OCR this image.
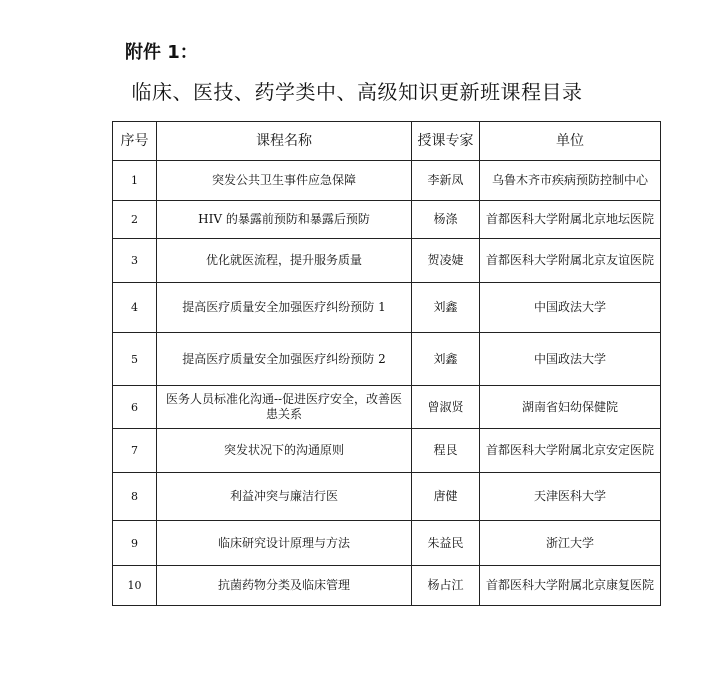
附件 1：
临床、医技、药学类中、高级知识更新班课程目录
序号	课程名称	授课专家	单位
1	突发公共卫生事件应急保障	李新凤	乌鲁木齐市疾病预防控制中心
2	HIV 的暴露前预防和暴露后预防	杨涤	首都医科大学附属北京地坛医院
3	优化就医流程，提升服务质量	贺凌婕	首都医科大学附属北京友谊医院
4	提高医疗质量安全加强医疗纠纷预防 1	刘鑫	中国政法大学
5	提高医疗质量安全加强医疗纠纷预防 2	刘鑫	中国政法大学
6	医务人员标准化沟通--促进医疗安全，改善医患关系	曾淑贤	湖南省妇幼保健院
7	突发状况下的沟通原则	程艮	首都医科大学附属北京安定医院
8	利益冲突与廉洁行医	唐健	天津医科大学
9	临床研究设计原理与方法	朱益民	浙江大学
10	抗菌药物分类及临床管理	杨占江	首都医科大学附属北京康复医院
